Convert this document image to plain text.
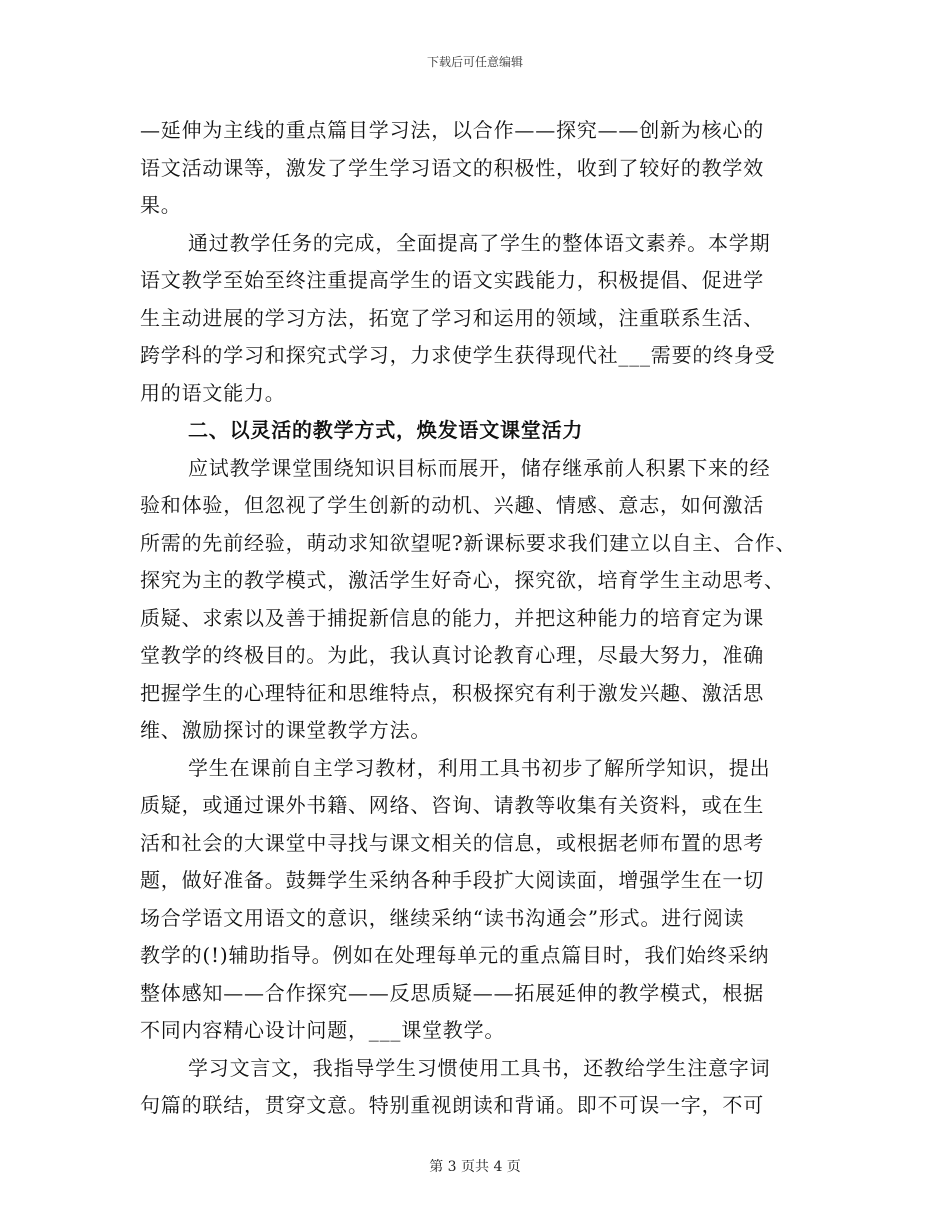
下载后可任意编辑
—延伸为主线的重点篇目学习法，以合作——探究——创新为核心的
语文活动课等，激发了学生学习语文的积极性，收到了较好的教学效
果。
通过教学任务的完成，全面提高了学生的整体语文素养。本学期
语文教学至始至终注重提高学生的语文实践能力，积极提倡、促进学
生主动进展的学习方法，拓宽了学习和运用的领域，注重联系生活、
跨学科的学习和探究式学习，力求使学生获得现代社___需要的终身受
用的语文能力。
二、以灵活的教学方式，焕发语文课堂活力
应试教学课堂围绕知识目标而展开，储存继承前人积累下来的经
验和体验，但忽视了学生创新的动机、兴趣、情感、意志，如何激活
所需的先前经验，萌动求知欲望呢?新课标要求我们建立以自主、合作、
探究为主的教学模式，激活学生好奇心，探究欲，培育学生主动思考、
质疑、求索以及善于捕捉新信息的能力，并把这种能力的培育定为课
堂教学的终极目的。为此，我认真讨论教育心理，尽最大努力，准确
把握学生的心理特征和思维特点，积极探究有利于激发兴趣、激活思
维、激励探讨的课堂教学方法。
学生在课前自主学习教材，利用工具书初步了解所学知识，提出
质疑，或通过课外书籍、网络、咨询、请教等收集有关资料，或在生
活和社会的大课堂中寻找与课文相关的信息，或根据老师布置的思考
题，做好准备。鼓舞学生采纳各种手段扩大阅读面，增强学生在一切
场合学语文用语文的意识，继续采纳“读书沟通会”形式。进行阅读
教学的(!)辅助指导。例如在处理每单元的重点篇目时，我们始终采纳
整体感知——合作探究——反思质疑——拓展延伸的教学模式，根据
不同内容精心设计问题，___课堂教学。
学习文言文，我指导学生习惯使用工具书，还教给学生注意字词
句篇的联结，贯穿文意。特别重视朗读和背诵。即不可误一字，不可
第 3 页共 4 页
